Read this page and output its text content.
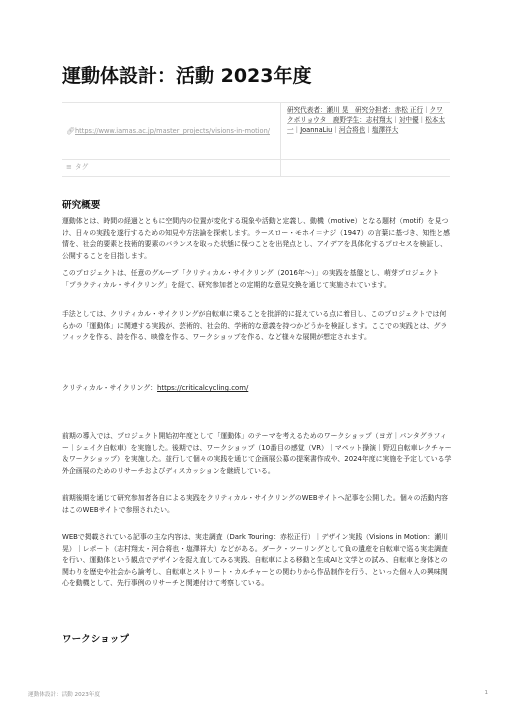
運動体設計：活動 2023年度
🔗︎https://www.iamas.ac.jp/master_projects/visions-in-motion/	研究代表者：瀬川 晃　研究分担者：赤松 正行｜クワクボリョウタ　鹿野学生：志村翔太｜対中優｜松本太一｜JoannaLiu｜河合将也｜塩澤祥大
≡ タグ	
研究概要

運動体とは、時間の経過とともに空間内の位置が変化する現象や活動と定義し、動機（motive）となる題材（motif）を見つけ、日々の実践を遂行するための知見や方法論を探索します。ラースロー・モホイ＝ナジ（1947）の言葉に基づき、知性と感情を、社会的要素と技術的要素のバランスを取った状態に保つことを出発点とし、アイデアを具体化するプロセスを検証し、公開することを目指します。

このプロジェクトは、任意のグループ「クリティカル・サイクリング（2016年〜）」の実践を基盤とし、萌芽プロジェクト「プラクティカル・サイクリング」を経て、研究参加者との定期的な意見交換を通じて実施されています。

手法としては、クリティカル・サイクリングが自転車に乗ることを批評的に捉えている点に着目し、このプロジェクトでは何らかの「運動体」に関連する実践が、芸術的、社会的、学術的な意義を持つかどうかを検証します。ここでの実践とは、グラフィックを作る、詩を作る、映像を作る、ワークショップを作る、など様々な展開が想定されます。

クリティカル・サイクリング：https://criticalcycling.com/

前期の導入では、プロジェクト開始初年度として「運動体」のテーマを考えるためのワークショップ（ヨガ｜パンタグラフィー｜シェイク自転車）を実施した。後期では、ワークショップ（10番目の感覚（VR）｜マペット操演｜野辺自転車レクチャー＆ワークショップ）を実施した。並行して個々の実践を通じて企画展公募の提案書作成や、2024年度に実施を予定している学外企画展のためのリサーチおよびディスカッションを継続している。

前期後期を通じて研究参加者各自による実践をクリティカル・サイクリングのWEBサイトへ記事を公開した。個々の活動内容はこのWEBサイトで参照されたい。

WEBで掲載されている記事の主な内容は、実走調査（Dark Touring：赤松正行）｜デザイン実践（Visions in Motion：瀬川晃）｜レポート（志村翔太・河合将也・塩澤祥大）などがある。ダーク・ツーリングとして負の遺産を自転車で巡る実走調査を行い、運動体という観点でデザインを捉え直してみる実践、自転車による移動と生成AIと文学との試み、自転車と身体との関わりを歴史や社会から論考し、自転車とストリート・カルチャーとの関わりから作品制作を行う、といった個々人の興味関心を動機として、先行事例のリサーチと関連付けて考察している。

ワークショップ
運動体設計：活動 2023年度	1
